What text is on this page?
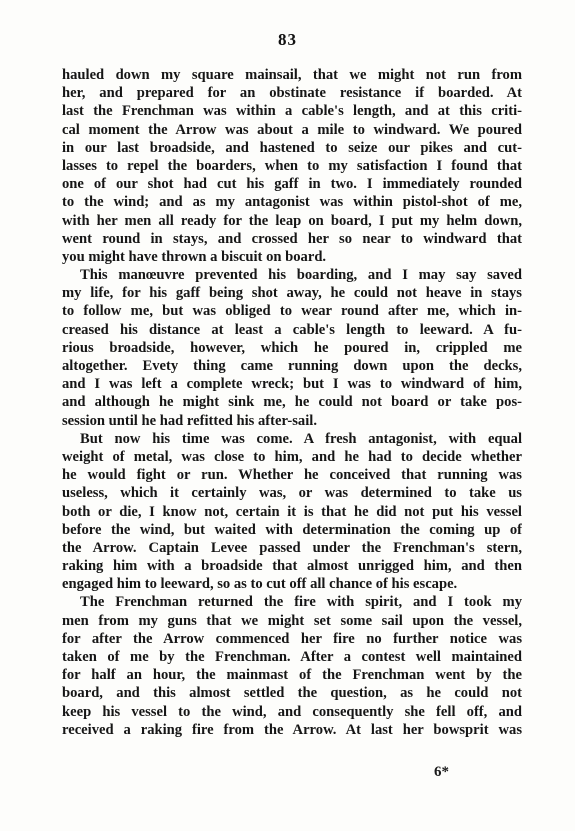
83
hauled down my square mainsail, that we might not run from
her, and prepared for an obstinate resistance if boarded. At
last the Frenchman was within a cable's length, and at this criti-
cal moment the Arrow was about a mile to windward. We poured
in our last broadside, and hastened to seize our pikes and cut-
lasses to repel the boarders, when to my satisfaction I found that
one of our shot had cut his gaff in two. I immediately rounded
to the wind; and as my antagonist was within pistol-shot of me,
with her men all ready for the leap on board, I put my helm down,
went round in stays, and crossed her so near to windward that
you might have thrown a biscuit on board.
This manœuvre prevented his boarding, and I may say saved
my life, for his gaff being shot away, he could not heave in stays
to follow me, but was obliged to wear round after me, which in-
creased his distance at least a cable's length to leeward. A fu-
rious broadside, however, which he poured in, crippled me
altogether. Evety thing came running down upon the decks,
and I was left a complete wreck; but I was to windward of him,
and although he might sink me, he could not board or take pos-
session until he had refitted his after-sail.
But now his time was come. A fresh antagonist, with equal
weight of metal, was close to him, and he had to decide whether
he would fight or run. Whether he conceived that running was
useless, which it certainly was, or was determined to take us
both or die, I know not, certain it is that he did not put his vessel
before the wind, but waited with determination the coming up of
the Arrow. Captain Levee passed under the Frenchman's stern,
raking him with a broadside that almost unrigged him, and then
engaged him to leeward, so as to cut off all chance of his escape.
The Frenchman returned the fire with spirit, and I took my
men from my guns that we might set some sail upon the vessel,
for after the Arrow commenced her fire no further notice was
taken of me by the Frenchman. After a contest well maintained
for half an hour, the mainmast of the Frenchman went by the
board, and this almost settled the question, as he could not
keep his vessel to the wind, and consequently she fell off, and
received a raking fire from the Arrow. At last her bowsprit was
6*
